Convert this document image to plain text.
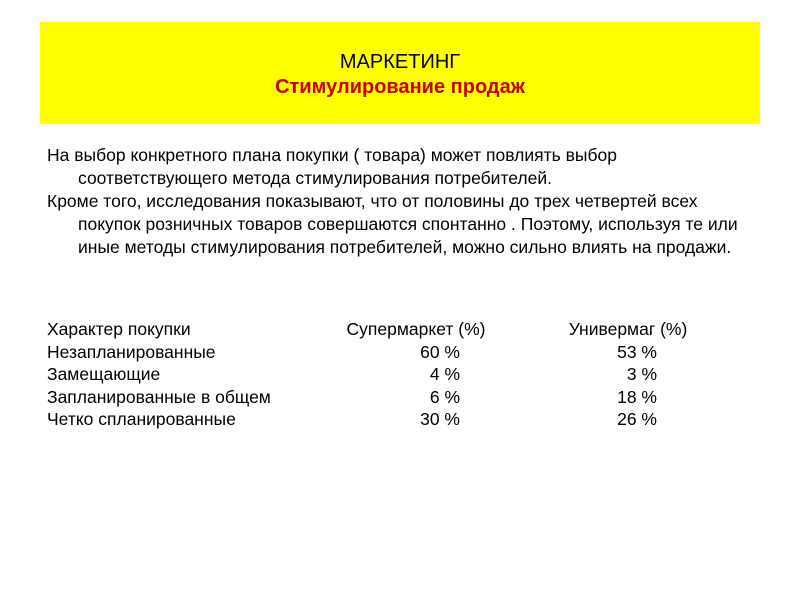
МАРКЕТИНГ
Стимулирование продаж

На выбор конкретного плана покупки ( товара) может повлиять выбор соответствующего метода стимулирования потребителей.

Кроме того, исследования показывают, что от половины до трех четвертей всех покупок розничных товаров совершаются спонтанно . Поэтому, используя те или иные методы стимулирования потребителей, можно сильно влиять на продажи.

Характер покупки	Супермаркет (%)	Универмаг (%)
Незапланированные	60 %	53 %
Замещающие	4 %	3 %
Запланированные в общем	6 %	18 %
Четко спланированные	30 %	26 %
